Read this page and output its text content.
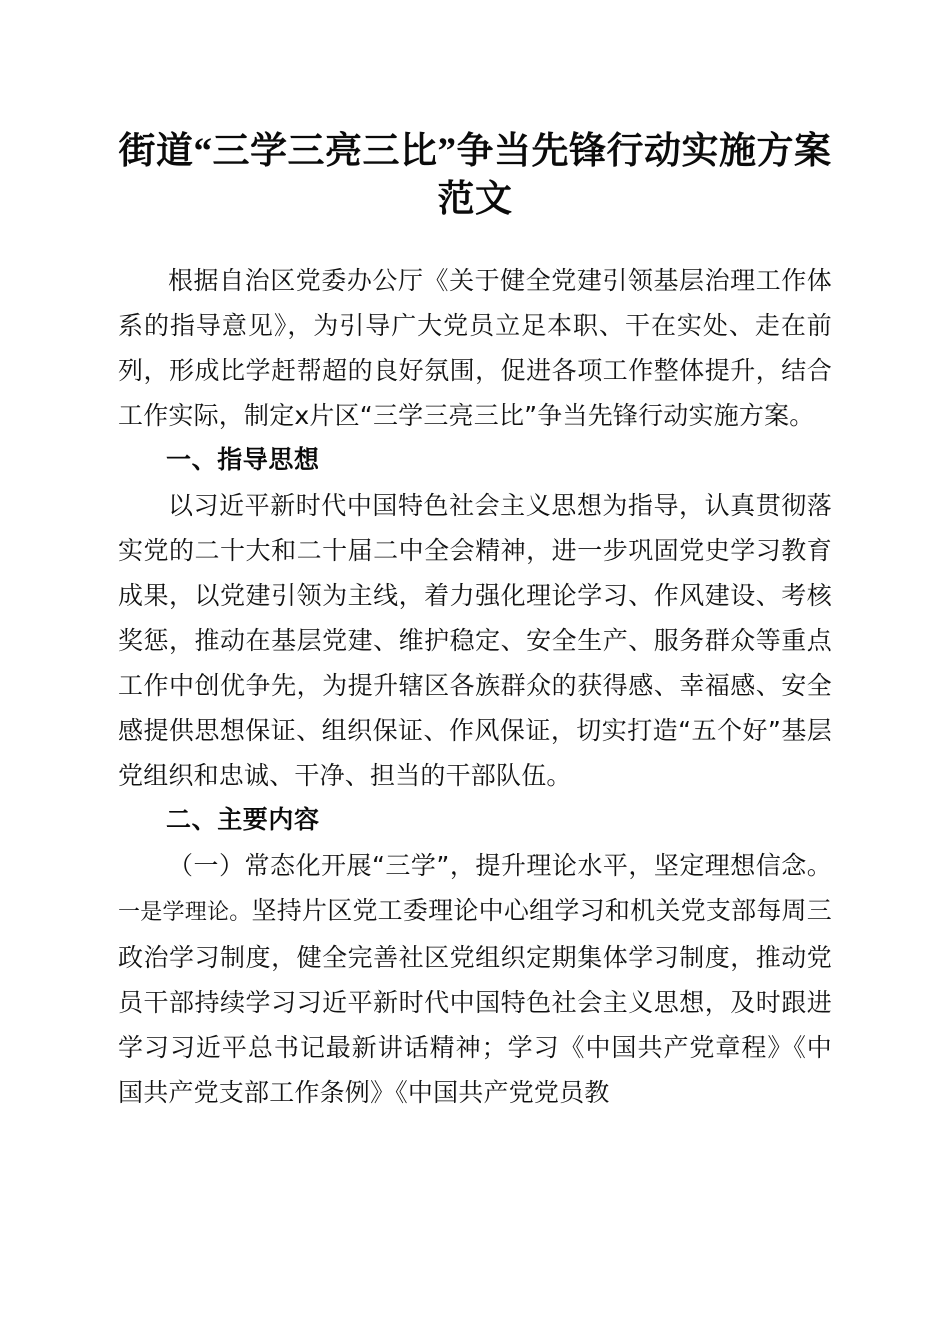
街道“三学三亮三比”争当先锋行动实施方案
范文

根据自治区党委办公厅《关于健全党建引领基层治理工作体系的指导意见》，为引导广大党员立足本职、干在实处、走在前列，形成比学赶帮超的良好氛围，促进各项工作整体提升，结合工作实际，制定x片区“三学三亮三比”争当先锋行动实施方案。

一、指导思想

以习近平新时代中国特色社会主义思想为指导，认真贯彻落实党的二十大和二十届二中全会精神，进一步巩固党史学习教育成果，以党建引领为主线，着力强化理论学习、作风建设、考核奖惩，推动在基层党建、维护稳定、安全生产、服务群众等重点工作中创优争先，为提升辖区各族群众的获得感、幸福感、安全感提供思想保证、组织保证、作风保证，切实打造“五个好”基层党组织和忠诚、干净、担当的干部队伍。

二、主要内容

（一）常态化开展“三学”，提升理论水平，坚定理想信念。一是学理论。坚持片区党工委理论中心组学习和机关党支部每周三政治学习制度，健全完善社区党组织定期集体学习制度，推动党员干部持续学习习近平新时代中国特色社会主义思想，及时跟进学习习近平总书记最新讲话精神；学习《中国共产党章程》《中国共产党支部工作条例》《中国共产党党员教
